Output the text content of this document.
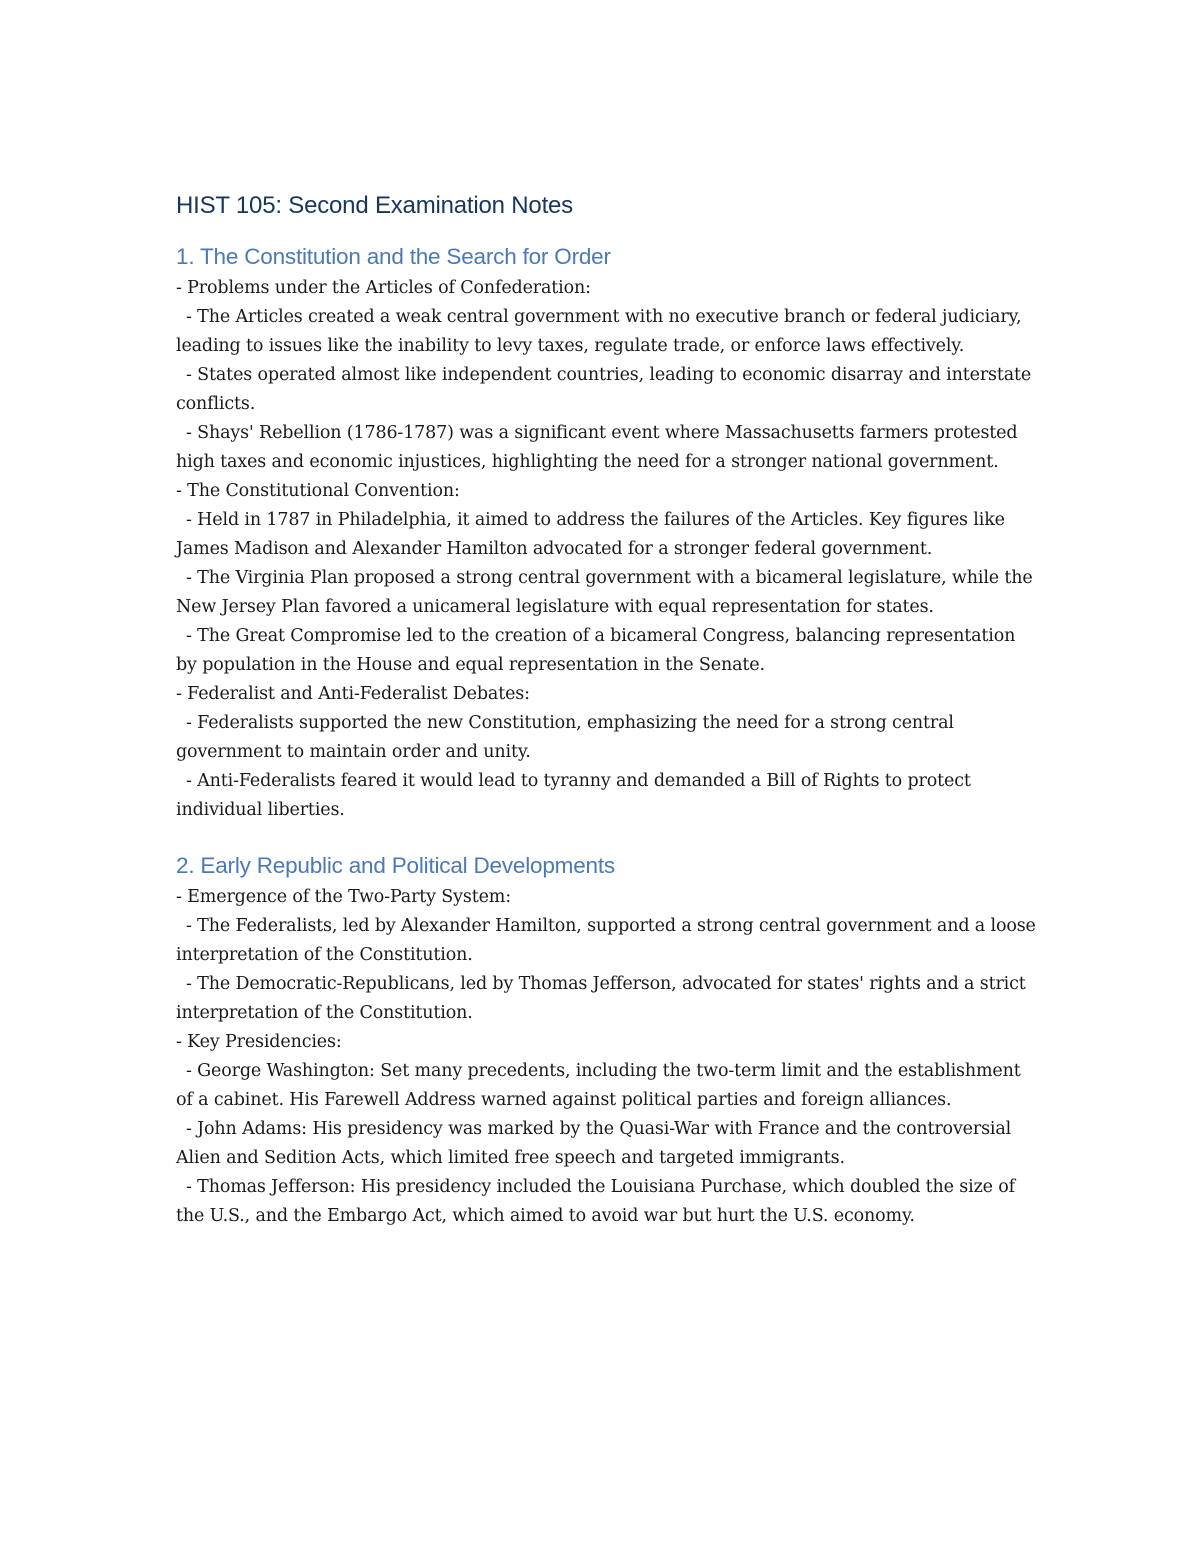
HIST 105: Second Examination Notes
1. The Constitution and the Search for Order
- Problems under the Articles of Confederation:
- The Articles created a weak central government with no executive branch or federal judiciary, leading to issues like the inability to levy taxes, regulate trade, or enforce laws effectively.
- States operated almost like independent countries, leading to economic disarray and interstate conflicts.
- Shays' Rebellion (1786-1787) was a significant event where Massachusetts farmers protested high taxes and economic injustices, highlighting the need for a stronger national government.
- The Constitutional Convention:
- Held in 1787 in Philadelphia, it aimed to address the failures of the Articles. Key figures like James Madison and Alexander Hamilton advocated for a stronger federal government.
- The Virginia Plan proposed a strong central government with a bicameral legislature, while the New Jersey Plan favored a unicameral legislature with equal representation for states.
- The Great Compromise led to the creation of a bicameral Congress, balancing representation by population in the House and equal representation in the Senate.
- Federalist and Anti-Federalist Debates:
- Federalists supported the new Constitution, emphasizing the need for a strong central government to maintain order and unity.
- Anti-Federalists feared it would lead to tyranny and demanded a Bill of Rights to protect individual liberties.
2. Early Republic and Political Developments
- Emergence of the Two-Party System:
- The Federalists, led by Alexander Hamilton, supported a strong central government and a loose interpretation of the Constitution.
- The Democratic-Republicans, led by Thomas Jefferson, advocated for states' rights and a strict interpretation of the Constitution.
- Key Presidencies:
- George Washington: Set many precedents, including the two-term limit and the establishment of a cabinet. His Farewell Address warned against political parties and foreign alliances.
- John Adams: His presidency was marked by the Quasi-War with France and the controversial Alien and Sedition Acts, which limited free speech and targeted immigrants.
- Thomas Jefferson: His presidency included the Louisiana Purchase, which doubled the size of the U.S., and the Embargo Act, which aimed to avoid war but hurt the U.S. economy.
